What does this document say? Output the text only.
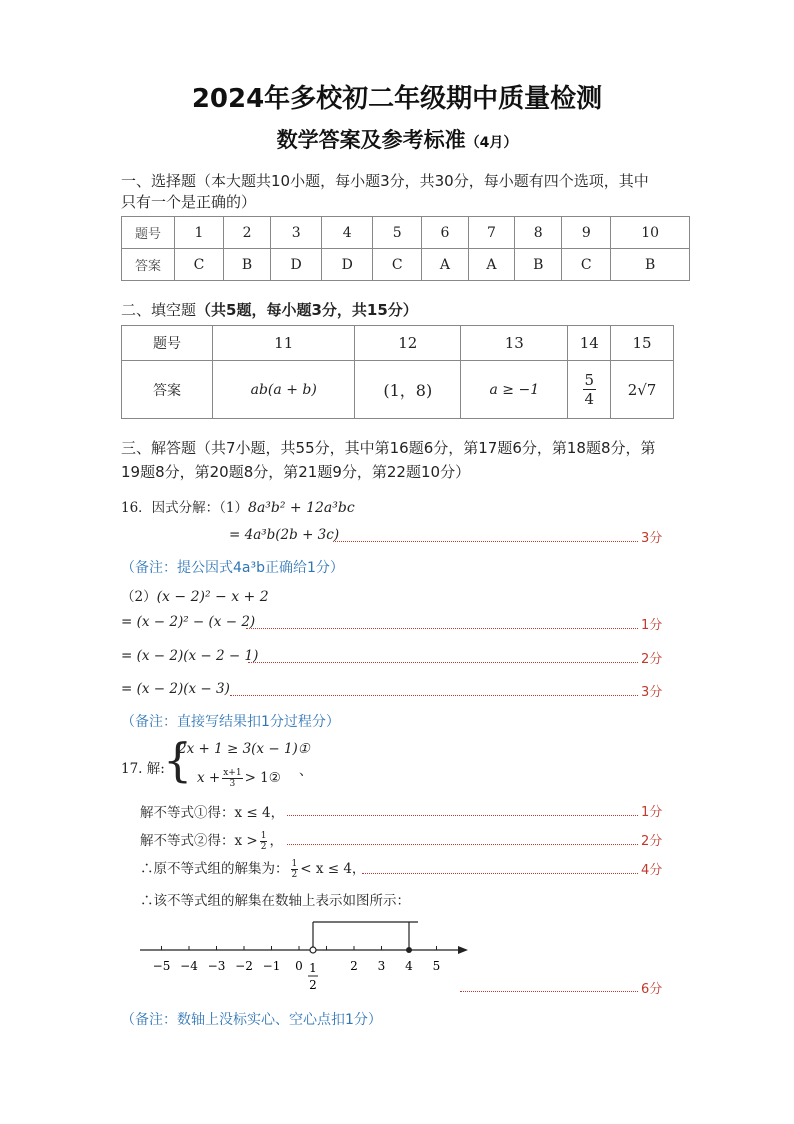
2024年多校初二年级期中质量检测
数学答案及参考标准（4月）
一、选择题（本大题共10小题，每小题3分，共30分，每小题有四个选项，其中
只有一个是正确的）
题号	1	2	3	4	5	6	7	8	9	10
答案	C	B	D	D	C	A	A	B	C	B
二、填空题（共5题，每小题3分，共15分）
题号	11	12	13	14	15
答案	ab(a + b)	(1，8)	a ≥ −1	$\frac{5}{4}$	2√7
三、解答题（共7小题，共55分，其中第16题6分，第17题6分，第18题8分，第
19题8分，第20题8分，第21题9分，第22题10分）
16．因式分解：（1）8a³b² + 12a³bc
= 4a³b(2b + 3c)	3分
（备注：提公因式4a³b正确给1分）
（2）(x − 2)² − x + 2
= (x − 2)² − (x − 2)	1分
= (x − 2)(x − 2 − 1)	2分
= (x − 2)(x − 3)	3分
（备注：直接写结果扣1分过程分）
17. 解:
{
2x + 1 ≥ 3(x − 1)①
$x + \frac{x+1}{3}$ > 1② 、
解不等式①得：x ≤ 4，	1分
解不等式②得：$x > \frac{1}{2}$ ，	2分
∴原不等式组的解集为： $\frac{1}{2} < x \le 4$，	4分
∴该不等式组的解集在数轴上表示如图所示：
−5 −4 −3 −2 −1 0	2 3 4 5
1
2	6分
（备注：数轴上没标实心、空心点扣1分）
